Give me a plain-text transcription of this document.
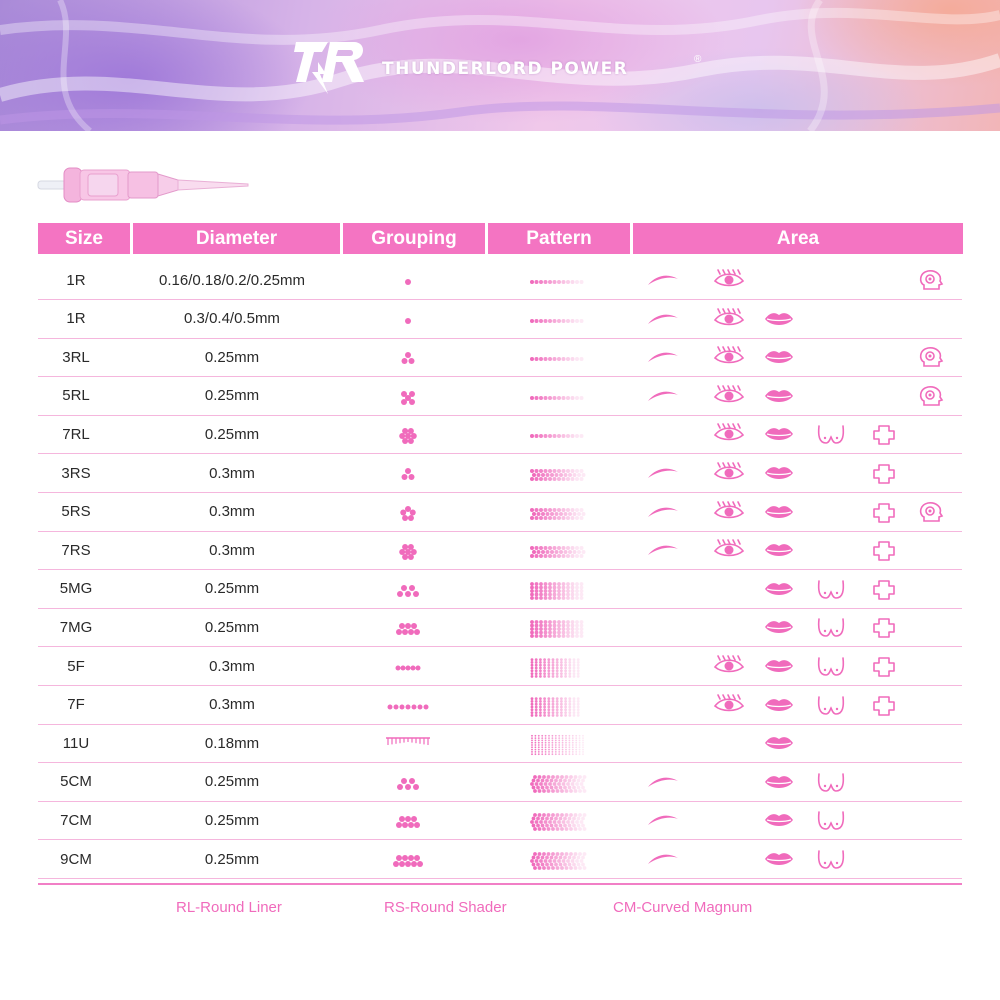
THUNDERLORD POWER	®
Size	Diameter	Grouping	Pattern	Area
1R	0.16/0.18/0.2/0.25mm
1R	0.3/0.4/0.5mm
3RL	0.25mm
5RL	0.25mm
7RL	0.25mm
3RS	0.3mm
5RS	0.3mm
7RS	0.3mm
5MG	0.25mm
7MG	0.25mm
5F	0.3mm
7F	0.3mm
11U	0.18mm
5CM	0.25mm
7CM	0.25mm
9CM	0.25mm
RL-Round Liner	RS-Round Shader	CM-Curved Magnum
